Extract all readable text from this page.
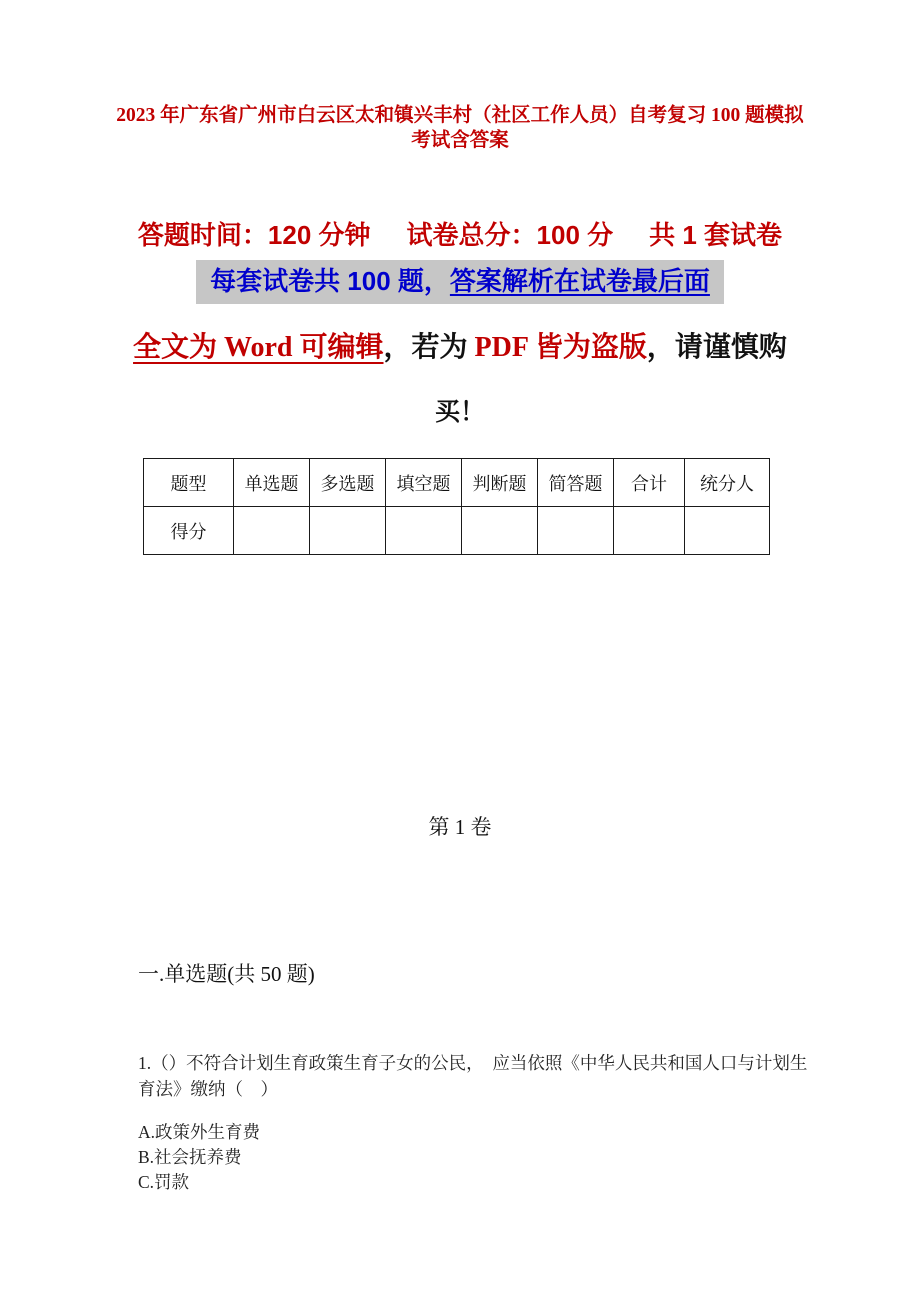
2023 年广东省广州市白云区太和镇兴丰村（社区工作人员）自考复习 100 题模拟考试含答案
答题时间：120 分钟 试卷总分：100 分 共 1 套试卷
每套试卷共 100 题，答案解析在试卷最后面
全文为 Word 可编辑，若为 PDF 皆为盗版，请谨慎购
买！
题型	单选题	多选题	填空题	判断题	简答题	合计	统分人
得分							
第 1 卷
一.单选题(共 50 题)
1.（）不符合计划生育政策生育子女的公民，　应当依照《中华人民共和国人口与计划生育法》缴纳（　）
A.政策外生育费
B.社会抚养费
C.罚款
